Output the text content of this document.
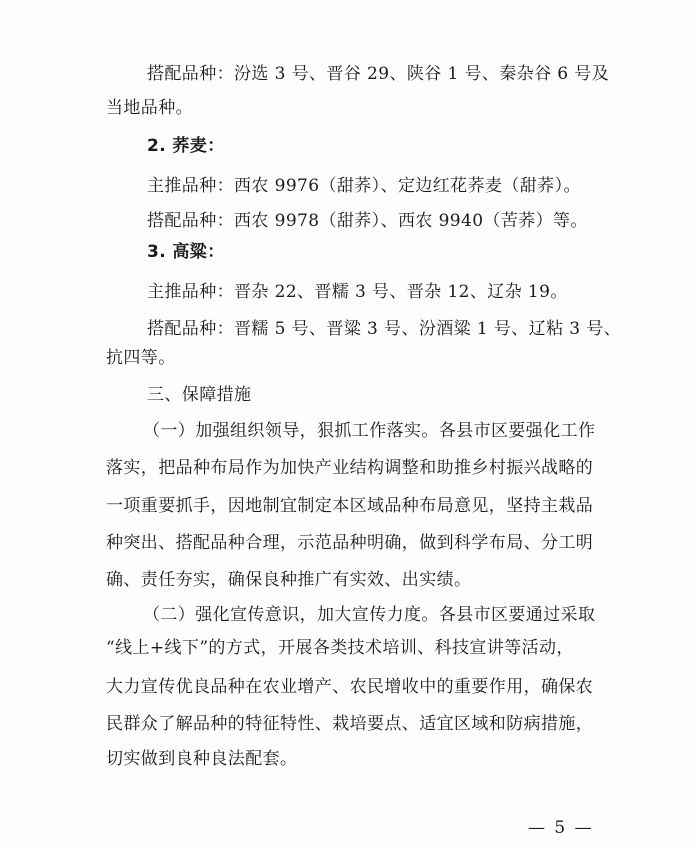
搭配品种：汾选 3 号、晋谷 29、陕谷 1 号、秦杂谷 6 号及
当地品种。
2. 荞麦：
主推品种：西农 9976（甜荞）、定边红花荞麦（甜荞）。
搭配品种：西农 9978（甜荞）、西农 9940（苦荞）等。
3. 高粱：
主推品种：晋杂 22、晋糯 3 号、晋杂 12、辽杂 19。
搭配品种：晋糯 5 号、晋粱 3 号、汾酒粱 1 号、辽粘 3 号、
抗四等。
三、保障措施
（一）加强组织领导，狠抓工作落实。各县市区要强化工作
落实，把品种布局作为加快产业结构调整和助推乡村振兴战略的
一项重要抓手，因地制宜制定本区域品种布局意见，坚持主栽品
种突出、搭配品种合理，示范品种明确，做到科学布局、分工明
确、责任夯实，确保良种推广有实效、出实绩。
（二）强化宣传意识，加大宣传力度。各县市区要通过采取
“线上+线下”的方式，开展各类技术培训、科技宣讲等活动，
大力宣传优良品种在农业增产、农民增收中的重要作用，确保农
民群众了解品种的特征特性、栽培要点、适宜区域和防病措施，
切实做到良种良法配套。
— 5 —
